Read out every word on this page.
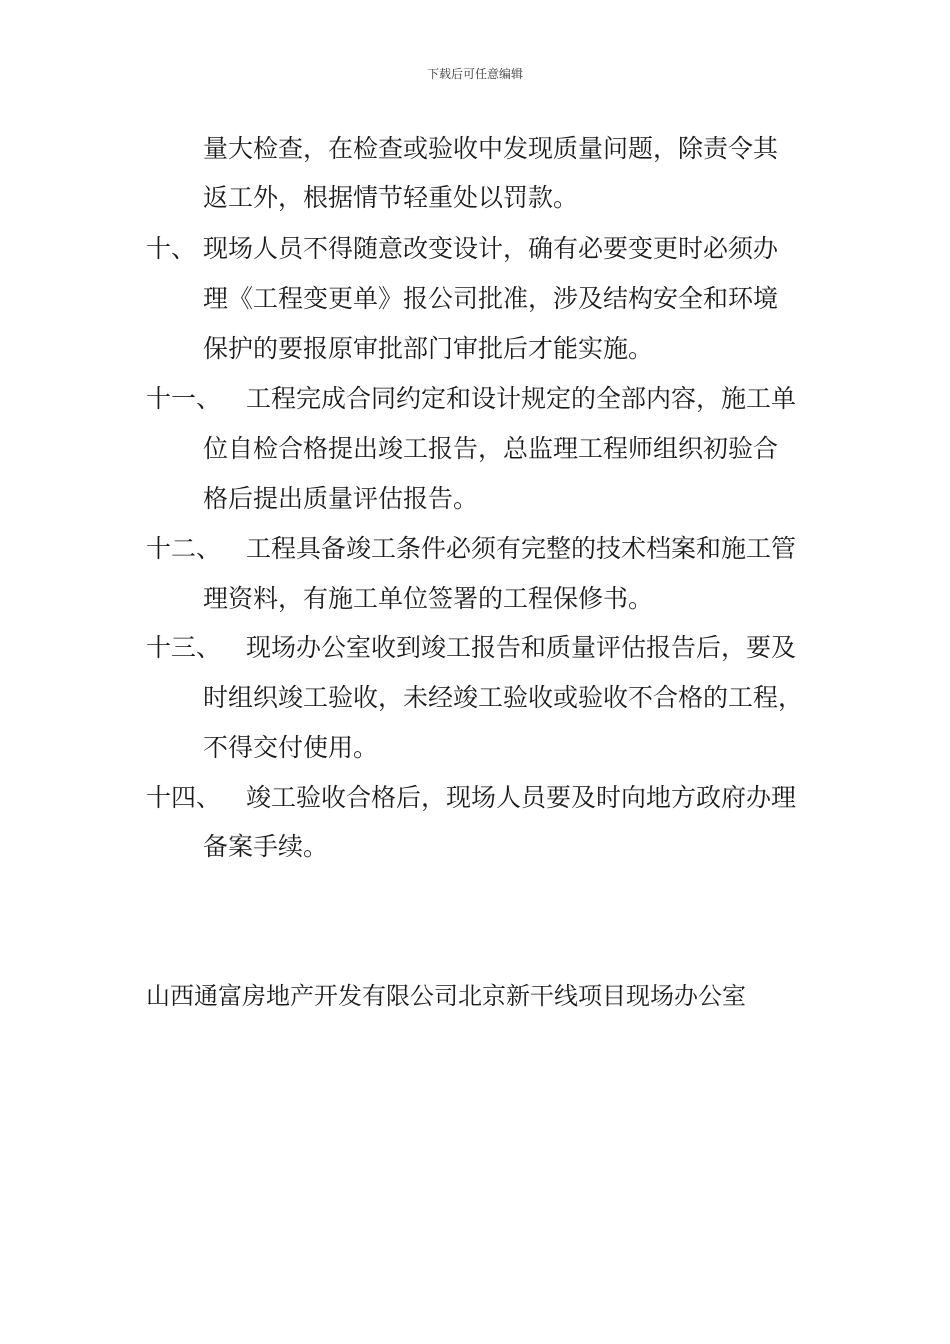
下载后可任意编辑
量大检查，在检查或验收中发现质量问题，除责令其
返工外，根据情节轻重处以罚款。
十、 现场人员不得随意改变设计，确有必要变更时必须办
理《工程变更单》报公司批准，涉及结构安全和环境
保护的要报原审批部门审批后才能实施。
十一、 工程完成合同约定和设计规定的全部内容，施工单
位自检合格提出竣工报告，总监理工程师组织初验合
格后提出质量评估报告。
十二、 工程具备竣工条件必须有完整的技术档案和施工管
理资料，有施工单位签署的工程保修书。
十三、 现场办公室收到竣工报告和质量评估报告后，要及
时组织竣工验收，未经竣工验收或验收不合格的工程，
不得交付使用。
十四、 竣工验收合格后，现场人员要及时向地方政府办理
备案手续。
山西通富房地产开发有限公司北京新干线项目现场办公室
